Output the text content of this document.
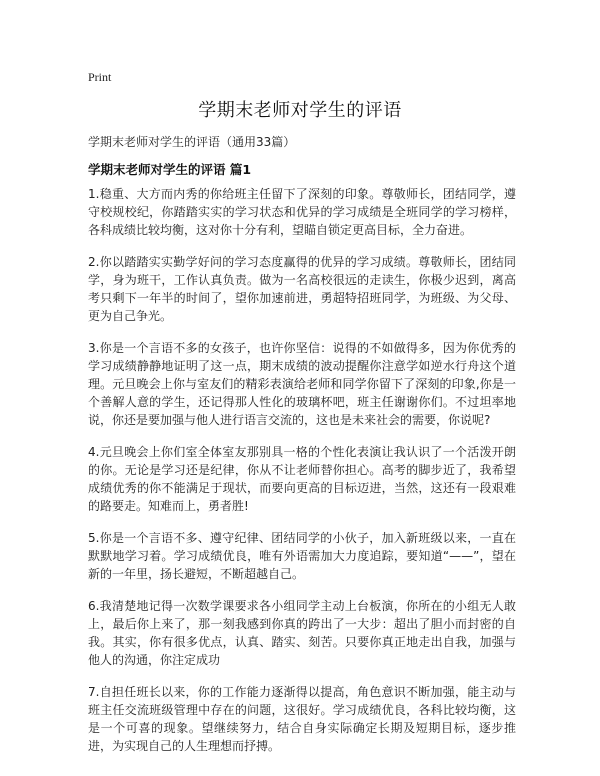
Print
学期末老师对学生的评语

学期末老师对学生的评语（通用33篇）

学期末老师对学生的评语 篇1

1.稳重、大方而内秀的你给班主任留下了深刻的印象。尊敬师长，团结同学，遵守校规校纪，你踏踏实实的学习状态和优异的学习成绩是全班同学的学习榜样，各科成绩比较均衡，这对你十分有利，望瞄自锁定更高目标，全力奋进。

2.你以踏踏实实勤学好问的学习态度赢得的优异的学习成绩。尊敬师长，团结同学，身为班干，工作认真负责。做为一名高校很远的走读生，你极少迟到，离高考只剩下一年半的时间了，望你加速前进，勇超特招班同学，为班级、为父母、更为自己争光。

3.你是一个言语不多的女孩子，也许你坚信：说得的不如做得多，因为你优秀的学习成绩静静地证明了这一点，期末成绩的波动提醒你注意学如逆水行舟这个道理。元旦晚会上你与室友们的精彩表演给老师和同学你留下了深刻的印象,你是一个善解人意的学生，还记得那人性化的玻璃杯吧，班主任谢谢你们。不过坦率地说，你还是要加强与他人进行语言交流的，这也是未来社会的需要，你说呢?

4.元旦晚会上你们室全体室友那别具一格的个性化表演让我认识了一个活泼开朗的你。无论是学习还是纪律，你从不让老师替你担心。高考的脚步近了，我希望成绩优秀的你不能满足于现状，而要向更高的目标迈进，当然，这还有一段艰难的路要走。知难而上，勇者胜!

5.你是一个言语不多、遵守纪律、团结同学的小伙子，加入新班级以来，一直在默默地学习着。学习成绩优良，唯有外语需加大力度追踪，要知道“——”，望在新的一年里，扬长避短，不断超越自己。

6.我清楚地记得一次数学课要求各小组同学主动上台板演，你所在的小组无人敢上，最后你上来了，那一刻我感到你真的跨出了一大步：超出了胆小而封密的自我。其实，你有很多优点，认真、踏实、刻苦。只要你真正地走出自我，加强与他人的沟通，你注定成功

7.自担任班长以来，你的工作能力逐渐得以提高，角色意识不断加强，能主动与班主任交流班级管理中存在的问题，这很好。学习成绩优良，各科比较均衡，这是一个可喜的现象。望继续努力，结合自身实际确定长期及短期目标，逐步推进，为实现自己的人生理想而抒搏。
